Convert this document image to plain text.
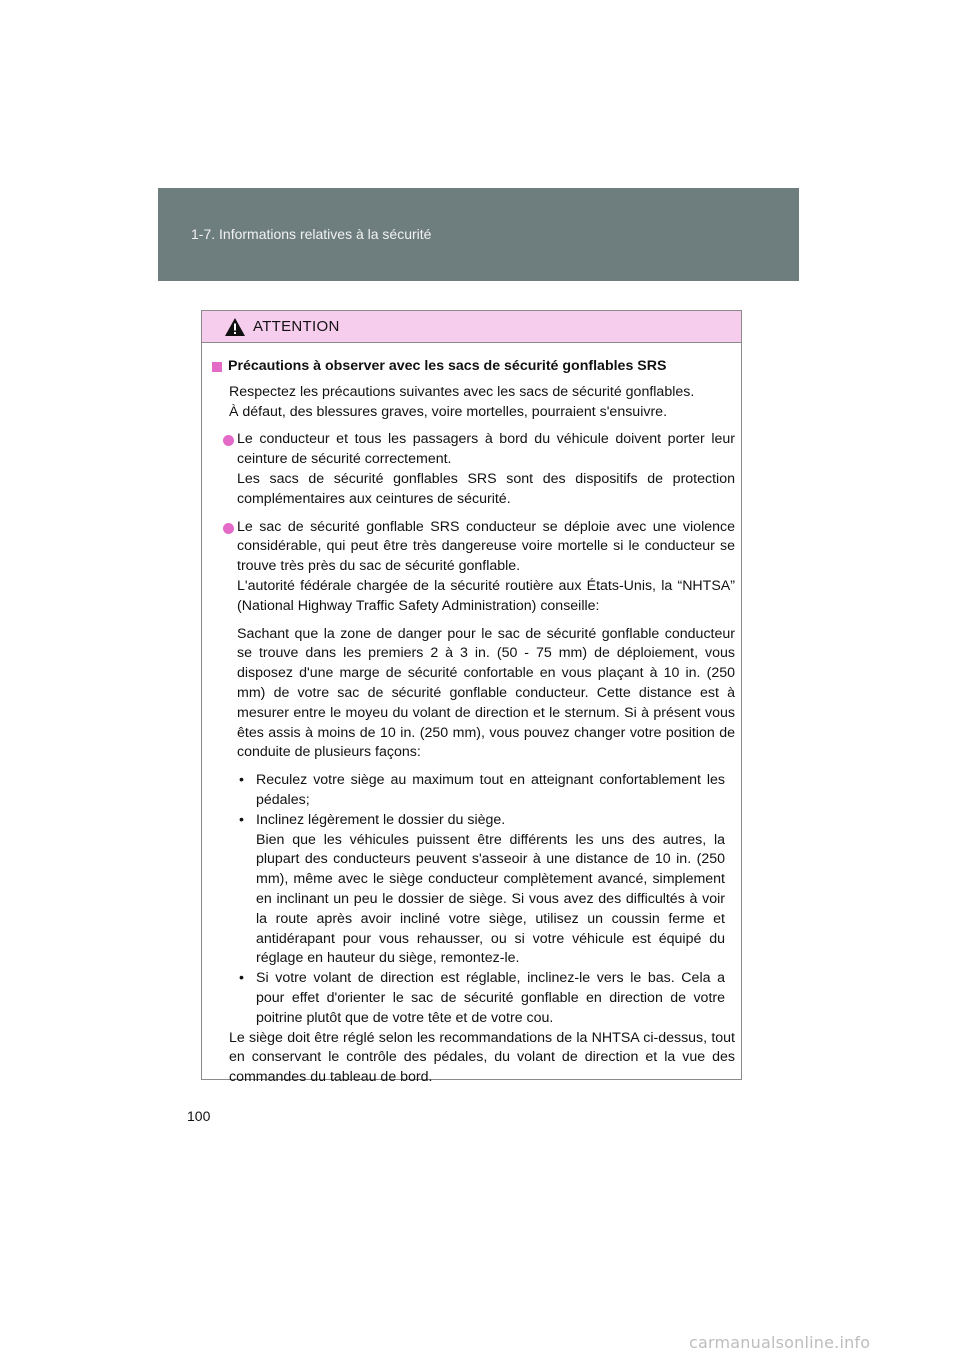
1-7. Informations relatives à la sécurité
ATTENTION
Précautions à observer avec les sacs de sécurité gonflables SRS

Respectez les précautions suivantes avec les sacs de sécurité gonflables.

À défaut, des blessures graves, voire mortelles, pourraient s'ensuivre.

Le conducteur et tous les passagers à bord du véhicule doivent porter leur ceinture de sécurité correctement.

Les sacs de sécurité gonflables SRS sont des dispositifs de protection complémentaires aux ceintures de sécurité.

Le sac de sécurité gonflable SRS conducteur se déploie avec une violence considérable, qui peut être très dangereuse voire mortelle si le conducteur se trouve très près du sac de sécurité gonflable.

L'autorité fédérale chargée de la sécurité routière aux États-Unis, la “NHTSA” (National Highway Traffic Safety Administration) conseille:

Sachant que la zone de danger pour le sac de sécurité gonflable conducteur se trouve dans les premiers 2 à 3 in. (50 - 75 mm) de déploiement, vous disposez d'une marge de sécurité confortable en vous plaçant à 10 in. (250 mm) de votre sac de sécurité gonflable conducteur. Cette distance est à mesurer entre le moyeu du volant de direction et le sternum. Si à présent vous êtes assis à moins de 10 in. (250 mm), vous pouvez changer votre position de conduite de plusieurs façons:

• Reculez votre siège au maximum tout en atteignant confortablement les pédales;
• Inclinez légèrement le dossier du siège.
Bien que les véhicules puissent être différents les uns des autres, la plupart des conducteurs peuvent s'asseoir à une distance de 10 in. (250 mm), même avec le siège conducteur complètement avancé, simplement en inclinant un peu le dossier de siège. Si vous avez des difficultés à voir la route après avoir incliné votre siège, utilisez un coussin ferme et antidérapant pour vous rehausser, ou si votre véhicule est équipé du réglage en hauteur du siège, remontez-le.
• Si votre volant de direction est réglable, inclinez-le vers le bas. Cela a pour effet d'orienter le sac de sécurité gonflable en direction de votre poitrine plutôt que de votre tête et de votre cou.

Le siège doit être réglé selon les recommandations de la NHTSA ci-dessus, tout en conservant le contrôle des pédales, du volant de direction et la vue des commandes du tableau de bord.

100
carmanualsonline.info
